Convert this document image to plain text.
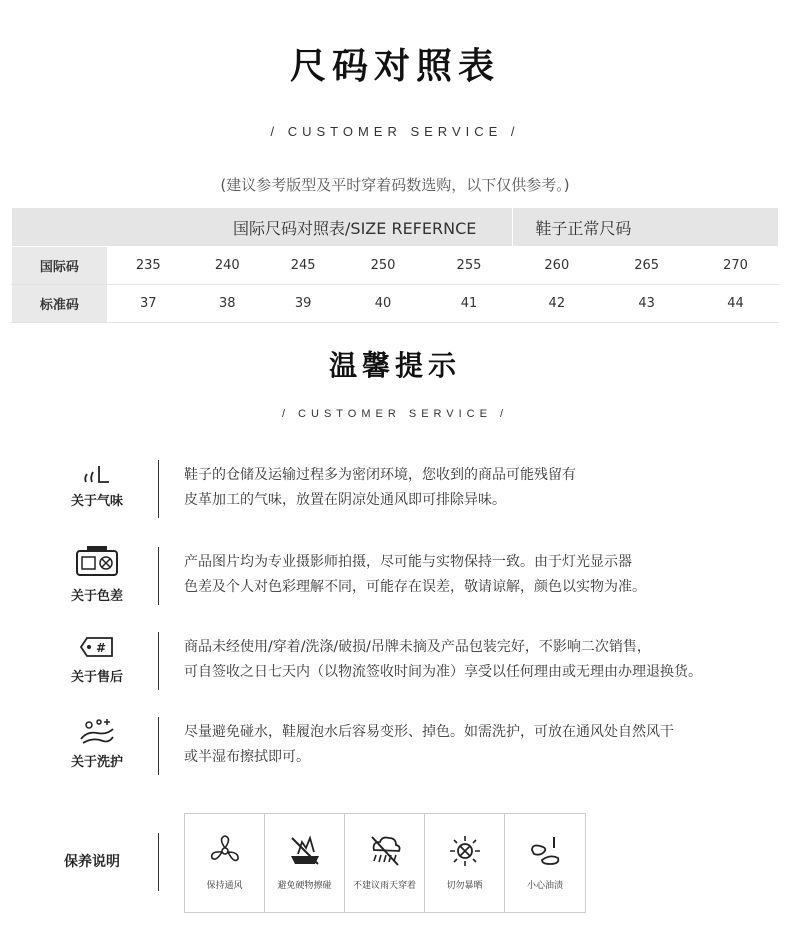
尺码对照表
/ CUSTOMER SERVICE /
(建议参考版型及平时穿着码数选购，以下仅供参考。)
国际尺码对照表/SIZE REFERNCE						鞋子正常尺码		
国际码	235	240	245	250	255	260	265	270
标准码	37	38	39	40	41	42	43	44
温馨提示
/ CUSTOMER SERVICE /
关于气味
鞋子的仓储及运输过程多为密闭环境，您收到的商品可能残留有
皮革加工的气味，放置在阴凉处通风即可排除异味。
关于色差
产品图片均为专业摄影师拍摄，尽可能与实物保持一致。由于灯光显示器
色差及个人对色彩理解不同，可能存在误差，敬请谅解，颜色以实物为准。
#
关于售后
商品未经使用/穿着/洗涤/破损/吊牌未摘及产品包装完好，不影响二次销售，
可自签收之日七天内（以物流签收时间为准）享受以任何理由或无理由办理退换货。
关于洗护
尽量避免碰水，鞋履泡水后容易变形、掉色。如需洗护，可放在通风处自然风干
或半湿布擦拭即可。
保养说明
保持通风	避免硬物擦碰	不建议雨天穿着	切勿暴晒	小心油渍
